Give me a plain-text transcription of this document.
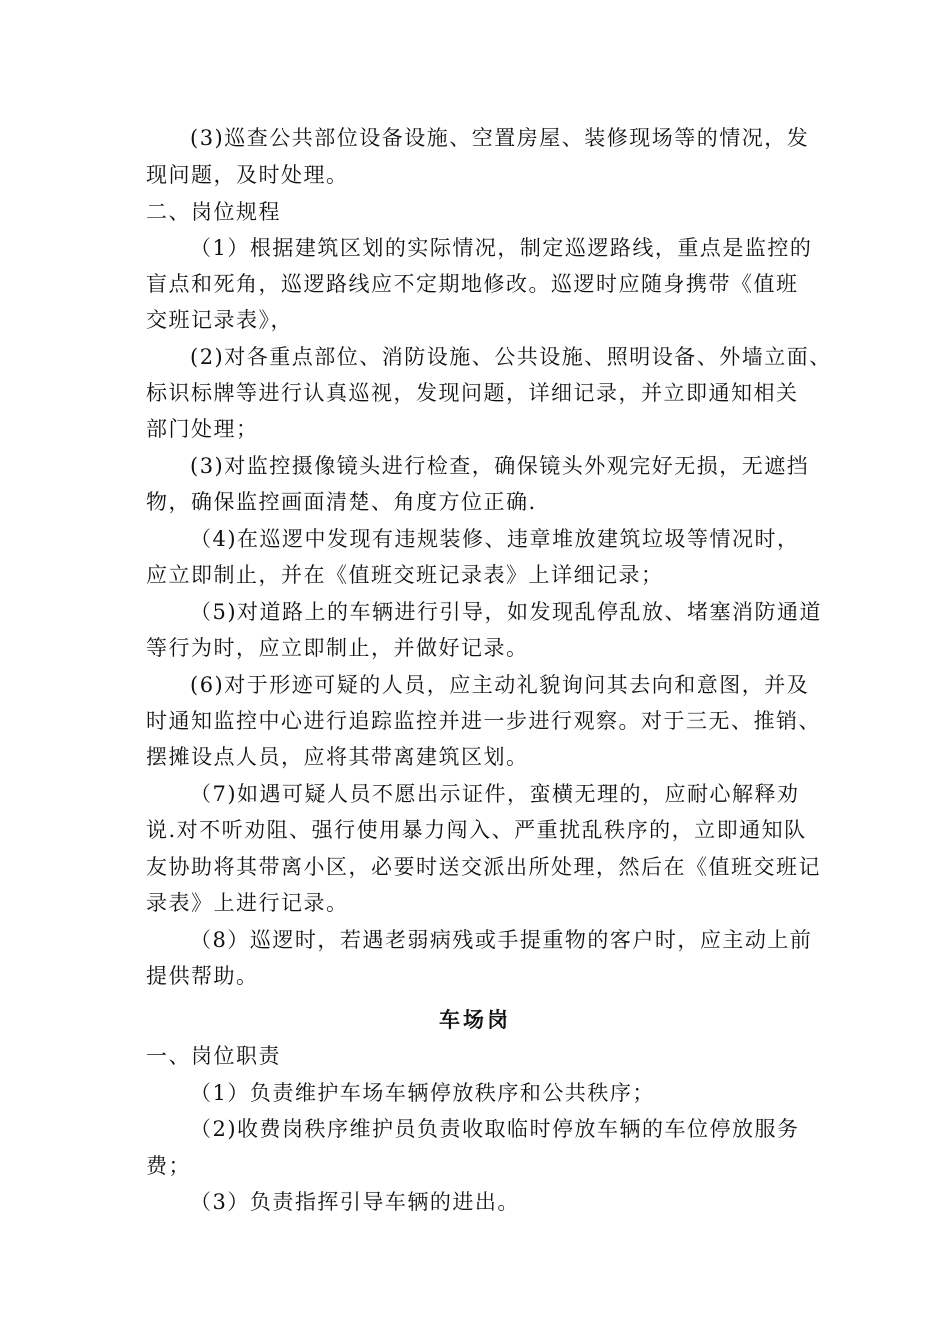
(3)巡查公共部位设备设施、空置房屋、装修现场等的情况，发
现问题，及时处理。
二、岗位规程
（1）根据建筑区划的实际情况，制定巡逻路线，重点是监控的
盲点和死角，巡逻路线应不定期地修改。巡逻时应随身携带《值班
交班记录表》，
(2)对各重点部位、消防设施、公共设施、照明设备、外墙立面、
标识标牌等进行认真巡视，发现问题，详细记录，并立即通知相关
部门处理；
(3)对监控摄像镜头进行检查，确保镜头外观完好无损，无遮挡
物，确保监控画面清楚、角度方位正确.
（4)在巡逻中发现有违规装修、违章堆放建筑垃圾等情况时，
应立即制止，并在《值班交班记录表》上详细记录；
（5)对道路上的车辆进行引导，如发现乱停乱放、堵塞消防通道
等行为时，应立即制止，并做好记录。
(6)对于形迹可疑的人员，应主动礼貌询问其去向和意图，并及
时通知监控中心进行追踪监控并进一步进行观察。对于三无、推销、
摆摊设点人员，应将其带离建筑区划。
（7)如遇可疑人员不愿出示证件，蛮横无理的，应耐心解释劝
说.对不听劝阻、强行使用暴力闯入、严重扰乱秩序的，立即通知队
友协助将其带离小区，必要时送交派出所处理，然后在《值班交班记
录表》上进行记录。
（8）巡逻时，若遇老弱病残或手提重物的客户时，应主动上前
提供帮助。
车场岗
一、岗位职责
（1）负责维护车场车辆停放秩序和公共秩序；
（2)收费岗秩序维护员负责收取临时停放车辆的车位停放服务
费；
（3）负责指挥引导车辆的进出。
